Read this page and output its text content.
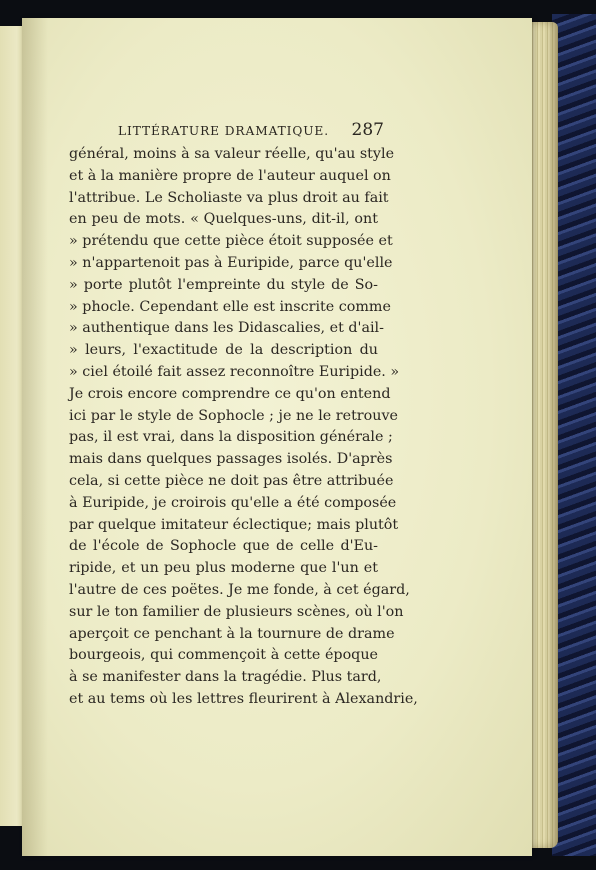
LITTÉRATURE DRAMATIQUE. 287
général, moins à sa valeur réelle, qu'au style
et à la manière propre de l'auteur auquel on
l'attribue. Le Scholiaste va plus droit au fait
en peu de mots. « Quelques-uns, dit-il, ont
» prétendu que cette pièce étoit supposée et
» n'appartenoit pas à Euripide, parce qu'elle
» porte plutôt l'empreinte du style de So-
» phocle. Cependant elle est inscrite comme
» authentique dans les Didascalies, et d'ail-
» leurs, l'exactitude de la description du
» ciel étoilé fait assez reconnoître Euripide. »
Je crois encore comprendre ce qu'on entend
ici par le style de Sophocle ; je ne le retrouve
pas, il est vrai, dans la disposition générale ;
mais dans quelques passages isolés. D'après
cela, si cette pièce ne doit pas être attribuée
à Euripide, je croirois qu'elle a été composée
par quelque imitateur éclectique; mais plutôt
de l'école de Sophocle que de celle d'Eu-
ripide, et un peu plus moderne que l'un et
l'autre de ces poëtes. Je me fonde, à cet égard,
sur le ton familier de plusieurs scènes, où l'on
aperçoit ce penchant à la tournure de drame
bourgeois, qui commençoit à cette époque
à se manifester dans la tragédie. Plus tard,
et au tems où les lettres fleurirent à Alexandrie,
